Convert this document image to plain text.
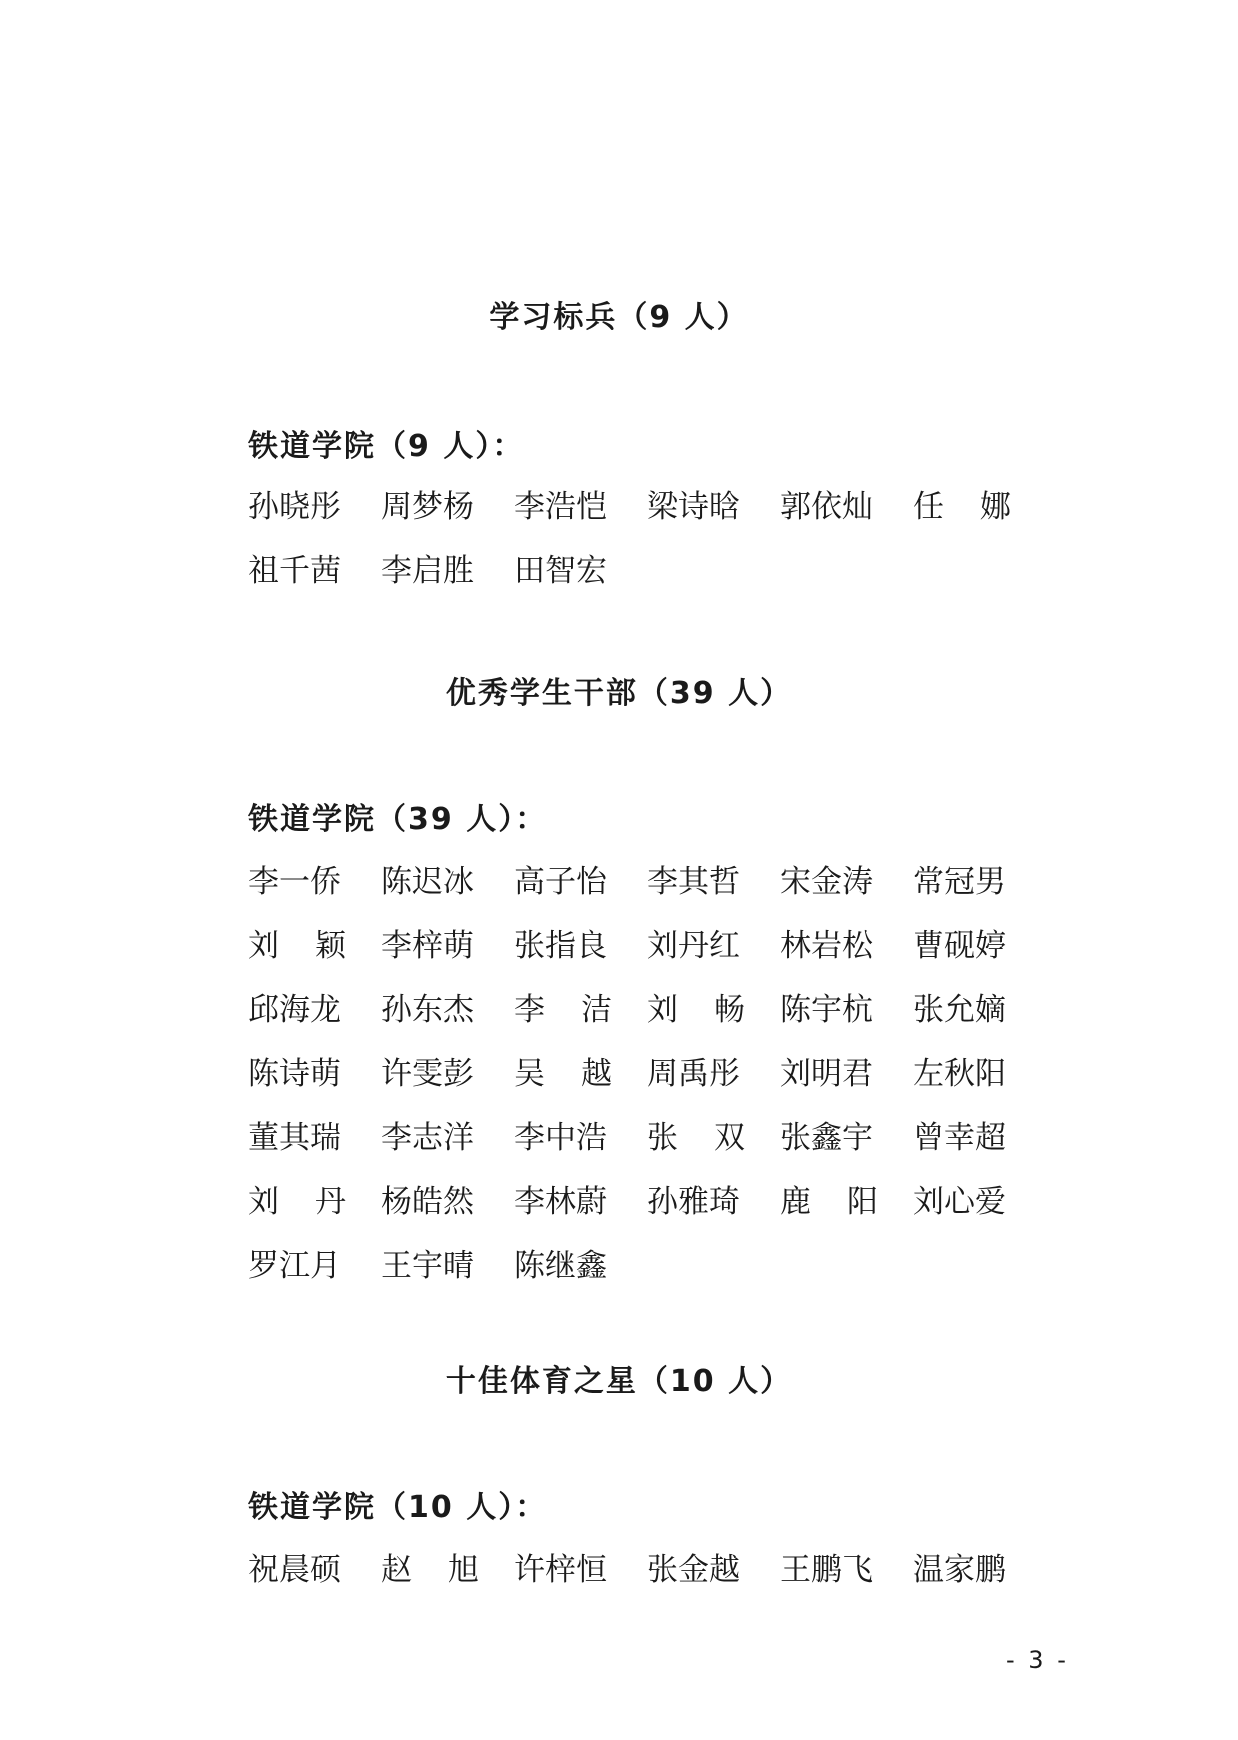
学习标兵（9 人）
铁道学院（9 人）：
孙 晓 彤 周 梦 杨 李 浩 恺 梁 诗 晗 郭 依 灿 任 娜
祖 千 茜 李 启 胜 田 智 宏
优秀学生干部（39 人）
铁道学院（39 人）：
李 一 侨 陈 迟 冰 高 子 怡 李 其 哲 宋 金 涛 常 冠 男
刘 颖 李 梓 萌 张 指 良 刘 丹 红 林 岩 松 曹 砚 婷
邱 海 龙 孙 东 杰 李 洁 刘 畅 陈 宇 杭 张 允 嫡
陈 诗 萌 许 雯 彭 吴 越 周 禹 彤 刘 明 君 左 秋 阳
董 其 瑞 李 志 洋 李 中 浩 张 双 张 鑫 宇 曾 幸 超
刘 丹 杨 皓 然 李 林 蔚 孙 雅 琦 鹿 阳 刘 心 爱
罗 江 月 王 宇 晴 陈 继 鑫
十佳体育之星（10 人）
铁道学院（10 人）：
祝 晨 硕 赵 旭 许 梓 恒 张 金 越 王 鹏 飞 温 家 鹏
- 3 -
